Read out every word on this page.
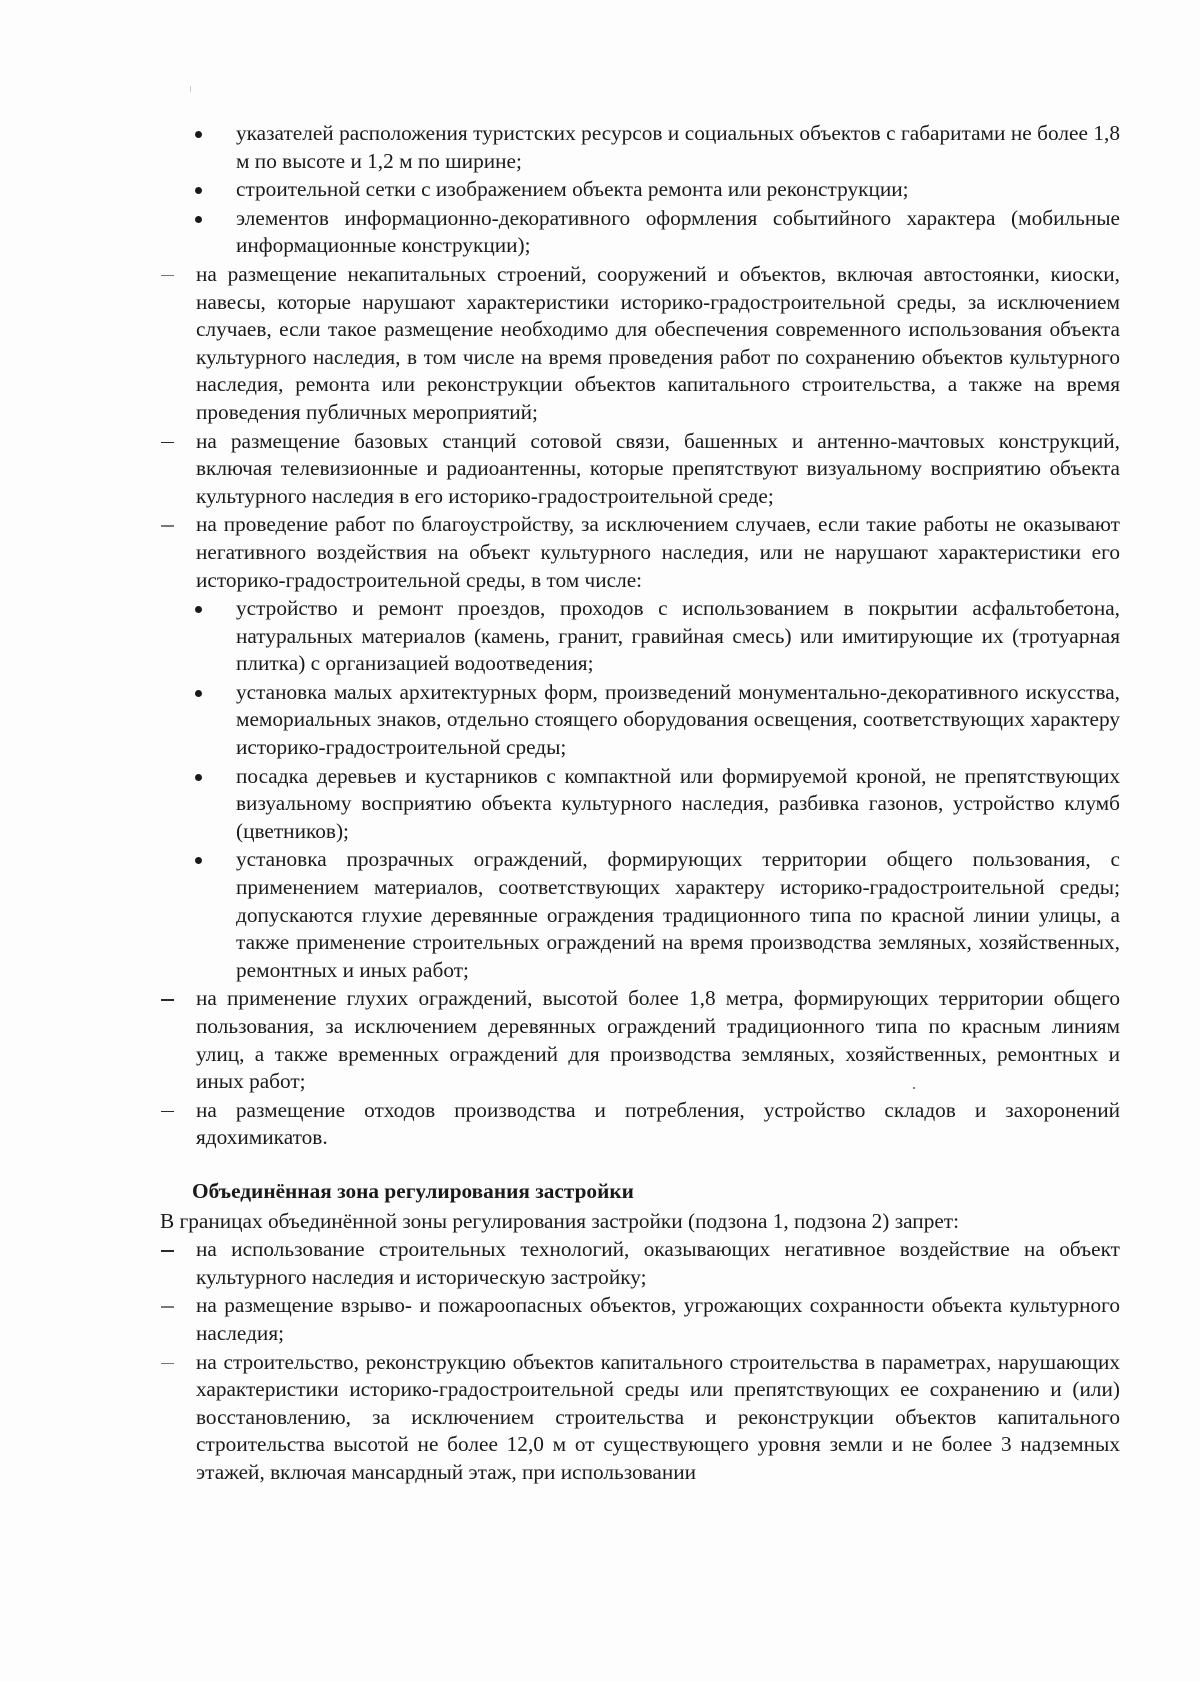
указателей расположения туристских ресурсов и социальных объектов с габаритами не более 1,8 м по высоте и 1,2 м по ширине;
строительной сетки с изображением объекта ремонта или реконструкции;
элементов информационно-декоративного оформления событийного характера (мобильные информационные конструкции);
на размещение некапитальных строений, сооружений и объектов, включая автостоянки, киоски, навесы, которые нарушают характеристики историко-градостроительной среды, за исключением случаев, если такое размещение необходимо для обеспечения современного использования объекта культурного наследия, в том числе на время проведения работ по сохранению объектов культурного наследия, ремонта или реконструкции объектов капитального строительства, а также на время проведения публичных мероприятий;
на размещение базовых станций сотовой связи, башенных и антенно-мачтовых конструкций, включая телевизионные и радиоантенны, которые препятствуют визуальному восприятию объекта культурного наследия в его историко-градостроительной среде;
на проведение работ по благоустройству, за исключением случаев, если такие работы не оказывают негативного воздействия на объект культурного наследия, или не нарушают характеристики его историко-градостроительной среды, в том числе:
устройство и ремонт проездов, проходов с использованием в покрытии асфальтобетона, натуральных материалов (камень, гранит, гравийная смесь) или имитирующие их (тротуарная плитка) с организацией водоотведения;
установка малых архитектурных форм, произведений монументально-декоративного искусства, мемориальных знаков, отдельно стоящего оборудования освещения, соответствующих характеру историко-градостроительной среды;
посадка деревьев и кустарников с компактной или формируемой кроной, не препятствующих визуальному восприятию объекта культурного наследия, разбивка газонов, устройство клумб (цветников);
установка прозрачных ограждений, формирующих территории общего пользования, с применением материалов, соответствующих характеру историко-градостроительной среды; допускаются глухие деревянные ограждения традиционного типа по красной линии улицы, а также применение строительных ограждений на время производства земляных, хозяйственных, ремонтных и иных работ;
на применение глухих ограждений, высотой более 1,8 метра, формирующих территории общего пользования, за исключением деревянных ограждений традиционного типа по красным линиям улиц, а также временных ограждений для производства земляных, хозяйственных, ремонтных и иных работ;
на размещение отходов производства и потребления, устройство складов и захоронений ядохимикатов.
Объединённая зона регулирования застройки
В границах объединённой зоны регулирования застройки (подзона 1, подзона 2) запрет:
на использование строительных технологий, оказывающих негативное воздействие на объект культурного наследия и историческую застройку;
на размещение взрыво- и пожароопасных объектов, угрожающих сохранности объекта культурного наследия;
на строительство, реконструкцию объектов капитального строительства в параметрах, нарушающих характеристики историко-градостроительной среды или препятствующих ее сохранению и (или) восстановлению, за исключением строительства и реконструкции объектов капитального строительства высотой не более 12,0 м от существующего уровня земли и не более 3 надземных этажей, включая мансардный этаж, при использовании
